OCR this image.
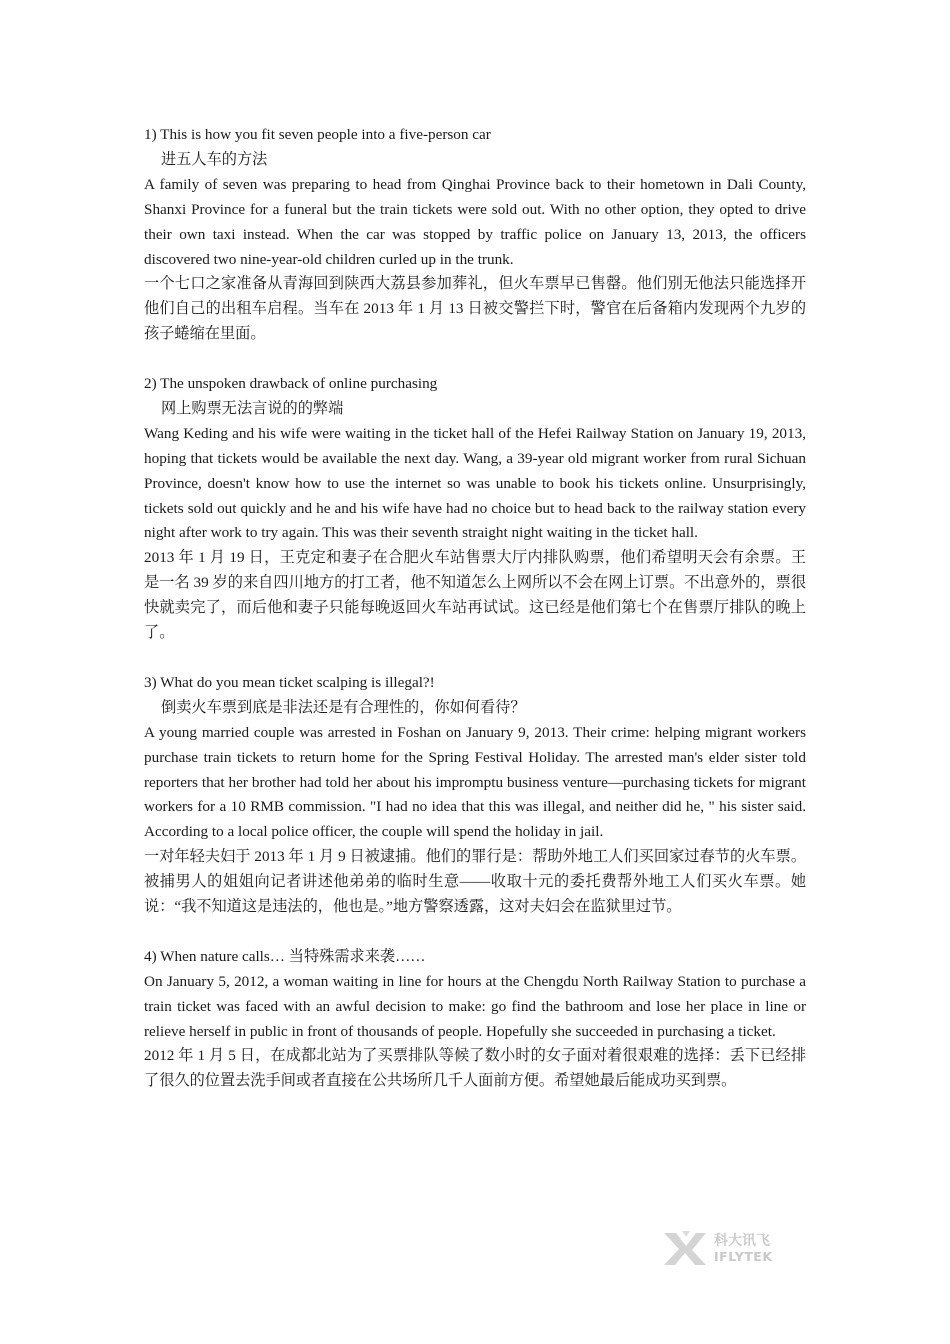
1) This is how you fit seven people into a five-person car

进五人车的方法

A family of seven was preparing to head from Qinghai Province back to their hometown in Dali County, Shanxi Province for a funeral but the train tickets were sold out. With no other option, they opted to drive their own taxi instead. When the car was stopped by traffic police on January 13, 2013, the officers discovered two nine-year-old children curled up in the trunk.

一个七口之家准备从青海回到陕西大荔县参加葬礼，但火车票早已售罄。他们别无他法只能选择开他们自己的出租车启程。当车在 2013 年 1 月 13 日被交警拦下时，警官在后备箱内发现两个九岁的孩子蜷缩在里面。

2) The unspoken drawback of online purchasing

网上购票无法言说的的弊端

Wang Keding and his wife were waiting in the ticket hall of the Hefei Railway Station on January 19, 2013, hoping that tickets would be available the next day. Wang, a 39-year old migrant worker from rural Sichuan Province, doesn't know how to use the internet so was unable to book his tickets online. Unsurprisingly, tickets sold out quickly and he and his wife have had no choice but to head back to the railway station every night after work to try again. This was their seventh straight night waiting in the ticket hall.

2013 年 1 月 19 日，王克定和妻子在合肥火车站售票大厅内排队购票，他们希望明天会有余票。王是一名 39 岁的来自四川地方的打工者，他不知道怎么上网所以不会在网上订票。不出意外的，票很快就卖完了，而后他和妻子只能每晚返回火车站再试试。这已经是他们第七个在售票厅排队的晚上了。

3) What do you mean ticket scalping is illegal?!

倒卖火车票到底是非法还是有合理性的，你如何看待？

A young married couple was arrested in Foshan on January 9, 2013. Their crime: helping migrant workers purchase train tickets to return home for the Spring Festival Holiday. The arrested man's elder sister told reporters that her brother had told her about his impromptu business venture—purchasing tickets for migrant workers for a 10 RMB commission. "I had no idea that this was illegal, and neither did he, " his sister said. According to a local police officer, the couple will spend the holiday in jail.

一对年轻夫妇于 2013 年 1 月 9 日被逮捕。他们的罪行是：帮助外地工人们买回家过春节的火车票。被捕男人的姐姐向记者讲述他弟弟的临时生意——收取十元的委托费帮外地工人们买火车票。她说：“我不知道这是违法的，他也是。”地方警察透露，这对夫妇会在监狱里过节。

4) When nature calls… 当特殊需求来袭……

On January 5, 2012, a woman waiting in line for hours at the Chengdu North Railway Station to purchase a train ticket was faced with an awful decision to make: go find the bathroom and lose her place in line or relieve herself in public in front of thousands of people. Hopefully she succeeded in purchasing a ticket.

2012 年 1 月 5 日，在成都北站为了买票排队等候了数小时的女子面对着很艰难的选择：丢下已经排了很久的位置去洗手间或者直接在公共场所几千人面前方便。希望她最后能成功买到票。

科大讯飞
IFLYTEK
